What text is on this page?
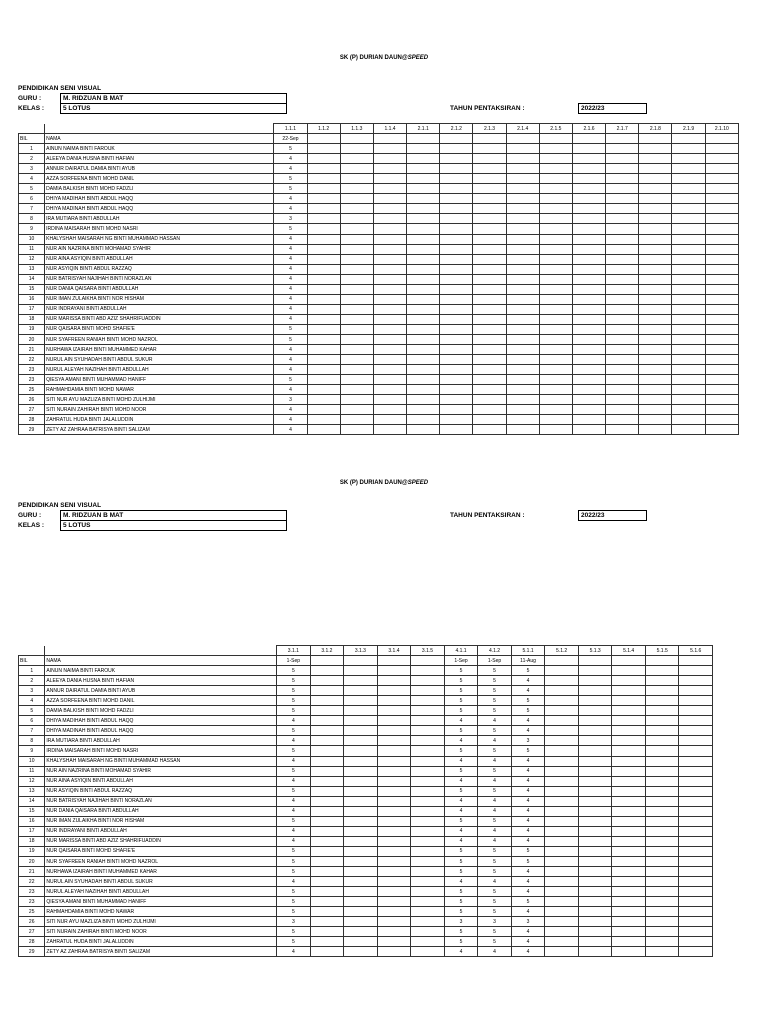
SK (P) DURIAN DAUN@SPEED
PENDIDIKAN SENI VISUAL
GURU :	M. RIDZUAN B MAT
KELAS :	5 LOTUS	TAHUN PENTAKSIRAN :	2022/23
		1.1.1	1.1.2	1.1.3	1.1.4	2.1.1	2.1.2	2.1.3	2.1.4	2.1.5	2.1.6	2.1.7	2.1.8	2.1.9	2.1.10
BIL	NAMA	22-Sep													
1	AINUN NAIMA BINTI FAROUK	5													
2	ALEEYA DANIA HUSNA BINTI HAFIAN	4													
3	ANNUR DAIRATUL DAMIA BINTI AYUB	4													
4	AZZA SORFEENA BINTI MOHD DANIL	5													
5	DAMIA BALKISH BINTI MOHD FADZLI	5													
6	DHIYA MADIHAH BINTI ABDUL HAQQ	4													
7	DHIYA MADINAH BINTI ABDUL HAQQ	4													
8	IRA MUTIARA BINTI ABDULLAH	3													
9	IRDINA MAISARAH BINTI MOHD NASRI	5													
10	KHALYSHAH MAISARAH NG BINTI MUHAMMAD HASSAN	4													
11	NUR AIN NAZRINA BINTI MOHAMAD SYAHIR	4													
12	NUR AINA ASYIQIN BINTI ABDULLAH	4													
13	NUR ASYIQIN BINTI ABDUL RAZZAQ	4													
14	NUR BATRISYAH NAJIHAH BINTI NORAZLAN	4													
15	NUR DANIA QAISARA BINTI ABDULLAH	4													
16	NUR IMAN ZULAIKHA BINTI NOR HISHAM	4													
17	NUR INDRAYANI BINTI ABDULLAH	4													
18	NUR MARISSA BINTI ABD AZIZ SHAHRIFUADDIN	4													
19	NUR QAISARA BINTI MOHD SHAFIE'E	5													
20	NUR SYAFREEN RANIAH BINTI MOHD NAZROL	5													
21	NURHAWA IZAIRAH BINTI MUHAMMED KAHAR	4													
22	NURUL AIN SYUHADAH BINTI ABDUL SUKUR	4													
23	NURUL ALEYAH NAZIHAH BINTI ABDULLAH	4													
23	QIESYA AMANI BINTI MUHAMMAD HANIFF	5													
25	RAHMAHDAMIA BINTI MOHD NAWAR	4													
26	SITI NUR AYU MAZLIZA BINTI MOHD ZULHIJMI	3													
27	SITI NURAIN ZAHIRAH BINTI MOHD NOOR	4													
28	ZAHRATUL HUDA BINTI JALALUDDIN	4													
29	ZETY AZ ZAHRAA BATRISYA BINTI SALIZAM	4													
SK (P) DURIAN DAUN@SPEED
PENDIDIKAN SENI VISUAL
GURU :	M. RIDZUAN B MAT
KELAS :	5 LOTUS
TAHUN PENTAKSIRAN :	2022/23
		3.1.1	3.1.2	3.1.3	3.1.4	3.1.5	4.1.1	4.1.2	5.1.1	5.1.2	5.1.3	5.1.4	5.1.5	5.1.6
BIL	NAMA	1-Sep					1-Sep	1-Sep	11-Aug					
1	AINUN NAIMA BINTI FAROUK	5					5	5	5					
2	ALEEYA DANIA HUSNA BINTI HAFIAN	5					5	5	4					
3	ANNUR DAIRATUL DAMIA BINTI AYUB	5					5	5	4					
4	AZZA SORFEENA BINTI MOHD DANIL	5					5	5	5					
5	DAMIA BALKISH BINTI MOHD FADZLI	5					5	5	5					
6	DHIYA MADIHAH BINTI ABDUL HAQQ	4					4	4	4					
7	DHIYA MADINAH BINTI ABDUL HAQQ	5					5	5	4					
8	IRA MUTIARA BINTI ABDULLAH	4					4	4	3					
9	IRDINA MAISARAH BINTI MOHD NASRI	5					5	5	5					
10	KHALYSHAH MAISARAH NG BINTI MUHAMMAD HASSAN	4					4	4	4					
11	NUR AIN NAZRINA BINTI MOHAMAD SYAHIR	5					5	5	4					
12	NUR AINA ASYIQIN BINTI ABDULLAH	4					4	4	4					
13	NUR ASYIQIN BINTI ABDUL RAZZAQ	5					5	5	4					
14	NUR BATRISYAH NAJIHAH BINTI NORAZLAN	4					4	4	4					
15	NUR DANIA QAISARA BINTI ABDULLAH	4					4	4	4					
16	NUR IMAN ZULAIKHA BINTI NOR HISHAM	5					5	5	4					
17	NUR INDRAYANI BINTI ABDULLAH	4					4	4	4					
18	NUR MARISSA BINTI ABD AZIZ SHAHRIFUADDIN	4					4	4	4					
19	NUR QAISARA BINTI MOHD SHAFIE'E	5					5	5	5					
20	NUR SYAFREEN RANIAH BINTI MOHD NAZROL	5					5	5	5					
21	NURHAWA IZAIRAH BINTI MUHAMMED KAHAR	5					5	5	4					
22	NURUL AIN SYUHADAH BINTI ABDUL SUKUR	4					4	4	4					
23	NURUL ALEYAH NAZIHAH BINTI ABDULLAH	5					5	5	4					
23	QIESYA AMANI BINTI MUHAMMAD HANIFF	5					5	5	5					
25	RAHMAHDAMIA BINTI MOHD NAWAR	5					5	5	4					
26	SITI NUR AYU MAZLIZA BINTI MOHD ZULHIJMI	3					3	3	3					
27	SITI NURAIN ZAHIRAH BINTI MOHD NOOR	5					5	5	4					
28	ZAHRATUL HUDA BINTI JALALUDDIN	5					5	5	4					
29	ZETY AZ ZAHRAA BATRISYA BINTI SALIZAM	4					4	4	4					
